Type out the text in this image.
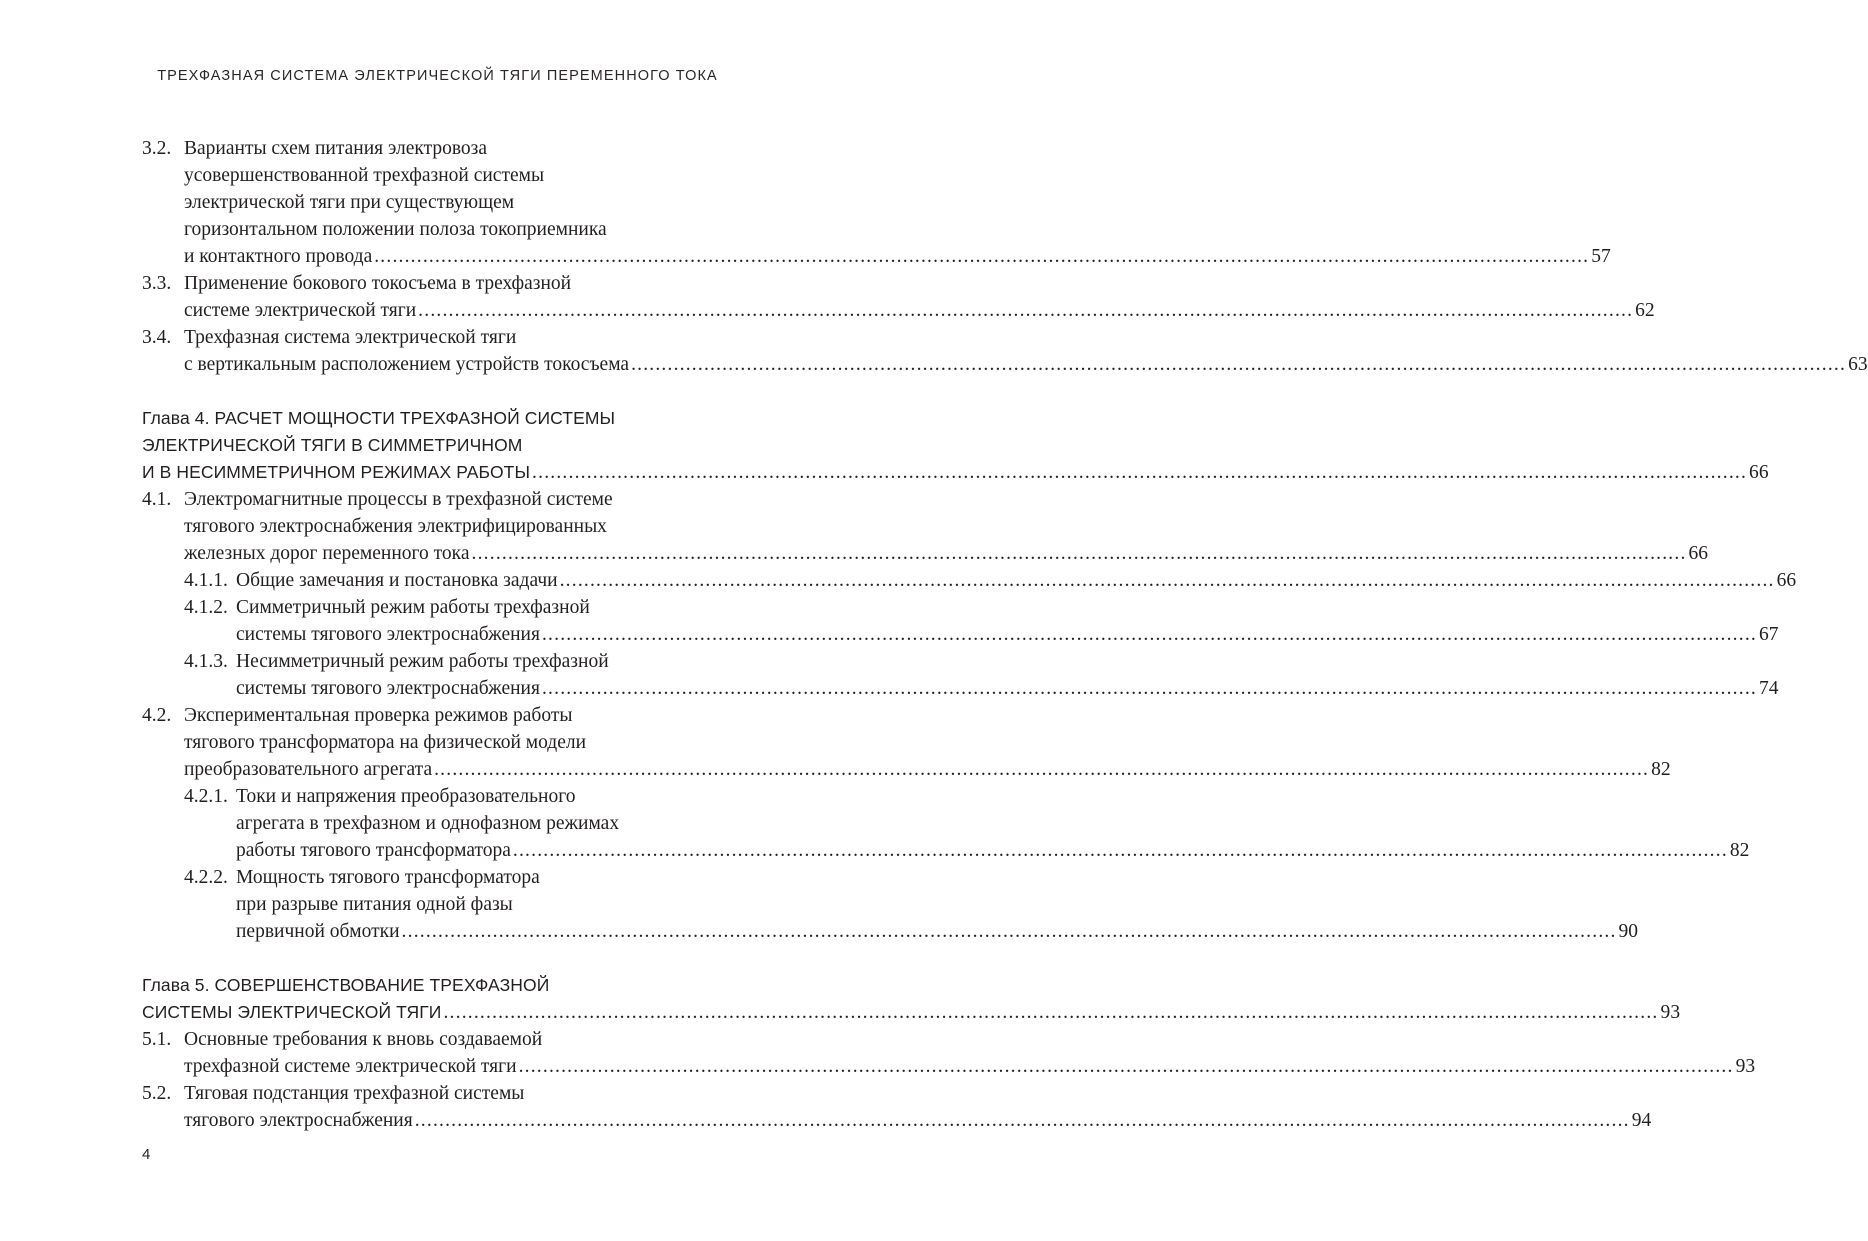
ТРЕХФАЗНАЯ СИСТЕМА ЭЛЕКТРИЧЕСКОЙ ТЯГИ ПЕРЕМЕННОГО ТОКА
3.2. Варианты схем питания электровоза
усовершенствованной трехфазной системы
электрической тяги при существующем
горизонтальном положении полоза токоприемника
и контактного провода ........................................................................................................................................................................................................ 57
3.3. Применение бокового токосъема в трехфазной
системе электрической тяги ........................................................................................................................................................................................................ 62
3.4. Трехфазная система электрической тяги
с вертикальным расположением устройств токосъема ........................................................................................................................................................................................................ 63
Глава 4. РАСЧЕТ МОЩНОСТИ ТРЕХФАЗНОЙ СИСТЕМЫ
ЭЛЕКТРИЧЕСКОЙ ТЯГИ В СИММЕТРИЧНОМ
И В НЕСИММЕТРИЧНОМ РЕЖИМАХ РАБОТЫ ........................................................................................................................................................................................................ 66
4.1. Электромагнитные процессы в трехфазной системе
тягового электроснабжения электрифицированных
железных дорог переменного тока ........................................................................................................................................................................................................ 66
4.1.1. Общие замечания и постановка задачи ........................................................................................................................................................................................................ 66
4.1.2. Симметричный режим работы трехфазной
системы тягового электроснабжения ........................................................................................................................................................................................................ 67
4.1.3. Несимметричный режим работы трехфазной
системы тягового электроснабжения ........................................................................................................................................................................................................ 74
4.2. Экспериментальная проверка режимов работы
тягового трансформатора на физической модели
преобразовательного агрегата ........................................................................................................................................................................................................ 82
4.2.1. Токи и напряжения преобразовательного
агрегата в трехфазном и однофазном режимах
работы тягового трансформатора ........................................................................................................................................................................................................ 82
4.2.2. Мощность тягового трансформатора
при разрыве питания одной фазы
первичной обмотки ........................................................................................................................................................................................................ 90
Глава 5. СОВЕРШЕНСТВОВАНИЕ ТРЕХФАЗНОЙ
СИСТЕМЫ ЭЛЕКТРИЧЕСКОЙ ТЯГИ ........................................................................................................................................................................................................ 93
5.1. Основные требования к вновь создаваемой
трехфазной системе электрической тяги ........................................................................................................................................................................................................ 93
5.2. Тяговая подстанция трехфазной системы
тягового электроснабжения ........................................................................................................................................................................................................ 94
4
